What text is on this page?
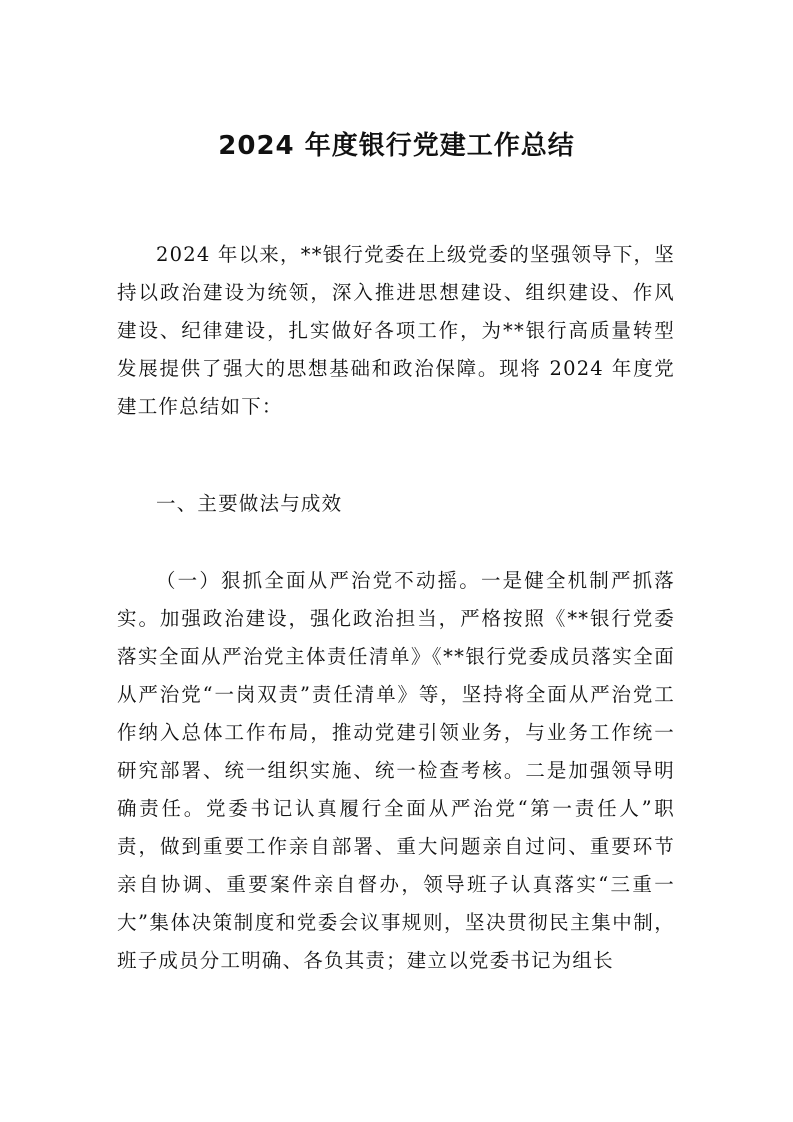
2024 年度银行党建工作总结

2024 年以来，**银行党委在上级党委的坚强领导下，坚持以政治建设为统领，深入推进思想建设、组织建设、作风建设、纪律建设，扎实做好各项工作，为**银行高质量转型发展提供了强大的思想基础和政治保障。现将 2024 年度党建工作总结如下：

一、主要做法与成效

（一）狠抓全面从严治党不动摇。一是健全机制严抓落实。加强政治建设，强化政治担当，严格按照《**银行党委落实全面从严治党主体责任清单》《**银行党委成员落实全面从严治党“一岗双责”责任清单》等，坚持将全面从严治党工作纳入总体工作布局，推动党建引领业务，与业务工作统一研究部署、统一组织实施、统一检查考核。二是加强领导明确责任。党委书记认真履行全面从严治党“第一责任人”职责，做到重要工作亲自部署、重大问题亲自过问、重要环节亲自协调、重要案件亲自督办，领导班子认真落实“三重一大”集体决策制度和党委会议事规则，坚决贯彻民主集中制，班子成员分工明确、各负其责；建立以党委书记为组长
